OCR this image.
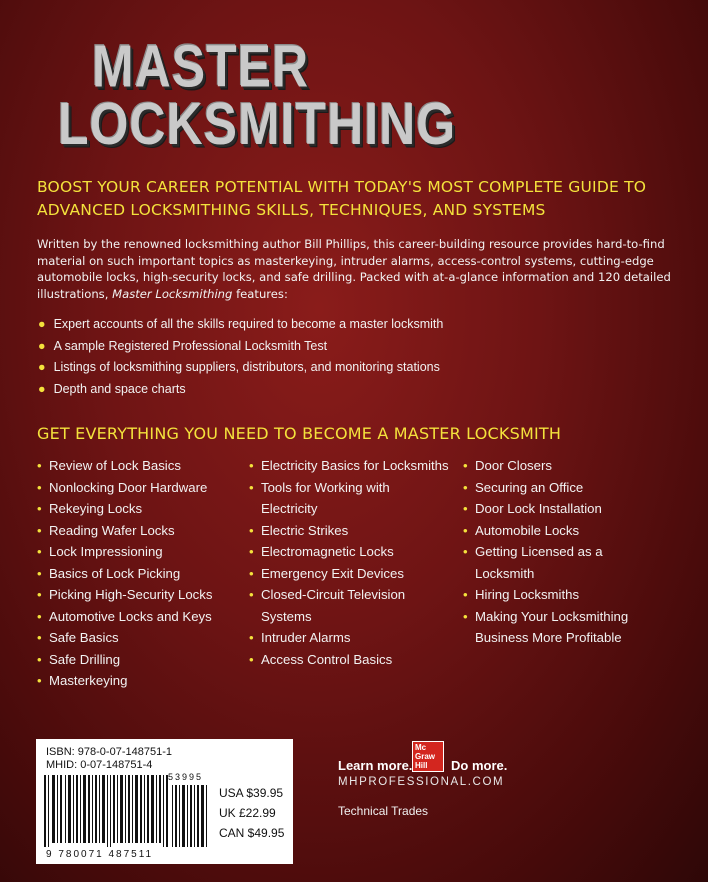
MASTER
LOCKSMITHING
BOOST YOUR CAREER POTENTIAL WITH TODAY'S MOST COMPLETE GUIDE TO ADVANCED LOCKSMITHING SKILLS, TECHNIQUES, AND SYSTEMS
Written by the renowned locksmithing author Bill Phillips, this career-building resource provides hard-to-find material on such important topics as masterkeying, intruder alarms, access-control systems, cutting-edge automobile locks, high-security locks, and safe drilling. Packed with at-a-glance information and 120 detailed illustrations, Master Locksmithing features:
● Expert accounts of all the skills required to become a master locksmith
● A sample Registered Professional Locksmith Test
● Listings of locksmithing suppliers, distributors, and monitoring stations
● Depth and space charts
GET EVERYTHING YOU NEED TO BECOME A MASTER LOCKSMITH
• Review of Lock Basics
• Nonlocking Door Hardware
• Rekeying Locks
• Reading Wafer Locks
• Lock Impressioning
• Basics of Lock Picking
• Picking High-Security Locks
• Automotive Locks and Keys
• Safe Basics
• Safe Drilling
• Masterkeying
• Electricity Basics for Locksmiths
• Tools for Working with Electricity
• Electric Strikes
• Electromagnetic Locks
• Emergency Exit Devices
• Closed-Circuit Television Systems
• Intruder Alarms
• Access Control Basics
• Door Closers
• Securing an Office
• Door Lock Installation
• Automobile Locks
• Getting Licensed as a Locksmith
• Hiring Locksmiths
• Making Your Locksmithing Business More Profitable
ISBN: 978-0-07-148751-1
MHID: 0-07-148751-4
53995
9 780071 487511
USA $39.95
UK £22.99
CAN $49.95
Learn more.
Mc
Graw
Hill	Do more.
MHPROFESSIONAL.COM
Technical Trades
